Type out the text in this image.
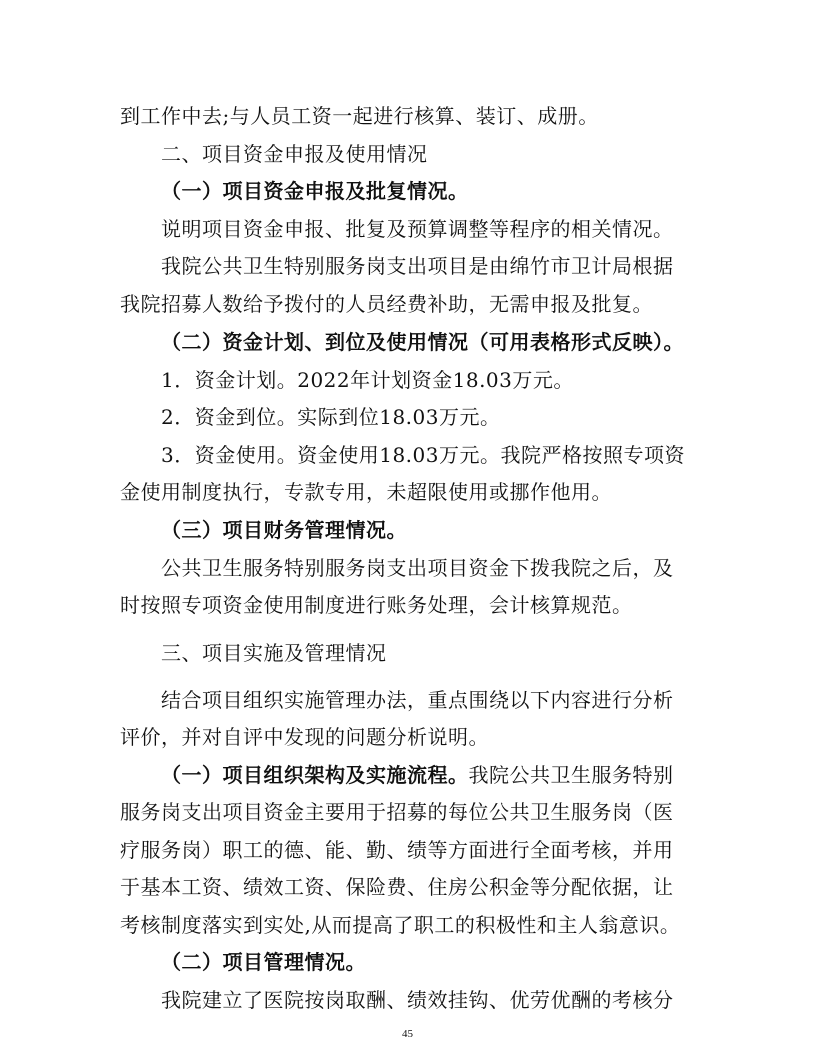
到工作中去;与人员工资一起进行核算、装订、成册。
二、项目资金申报及使用情况
（一）项目资金申报及批复情况。
说明项目资金申报、批复及预算调整等程序的相关情况。
我院公共卫生特别服务岗支出项目是由绵竹市卫计局根据
我院招募人数给予拨付的人员经费补助，无需申报及批复。
（二）资金计划、到位及使用情况（可用表格形式反映）。
1．资金计划。2022年计划资金18.03万元。
2．资金到位。实际到位18.03万元。
3．资金使用。资金使用18.03万元。我院严格按照专项资
金使用制度执行，专款专用，未超限使用或挪作他用。
（三）项目财务管理情况。
公共卫生服务特别服务岗支出项目资金下拨我院之后，及
时按照专项资金使用制度进行账务处理，会计核算规范。
三、项目实施及管理情况
结合项目组织实施管理办法，重点围绕以下内容进行分析
评价，并对自评中发现的问题分析说明。
（一）项目组织架构及实施流程。我院公共卫生服务特别
服务岗支出项目资金主要用于招募的每位公共卫生服务岗（医
疗服务岗）职工的德、能、勤、绩等方面进行全面考核，并用
于基本工资、绩效工资、保险费、住房公积金等分配依据，让
考核制度落实到实处,从而提高了职工的积极性和主人翁意识。
（二）项目管理情况。
我院建立了医院按岗取酬、绩效挂钩、优劳优酬的考核分
45
